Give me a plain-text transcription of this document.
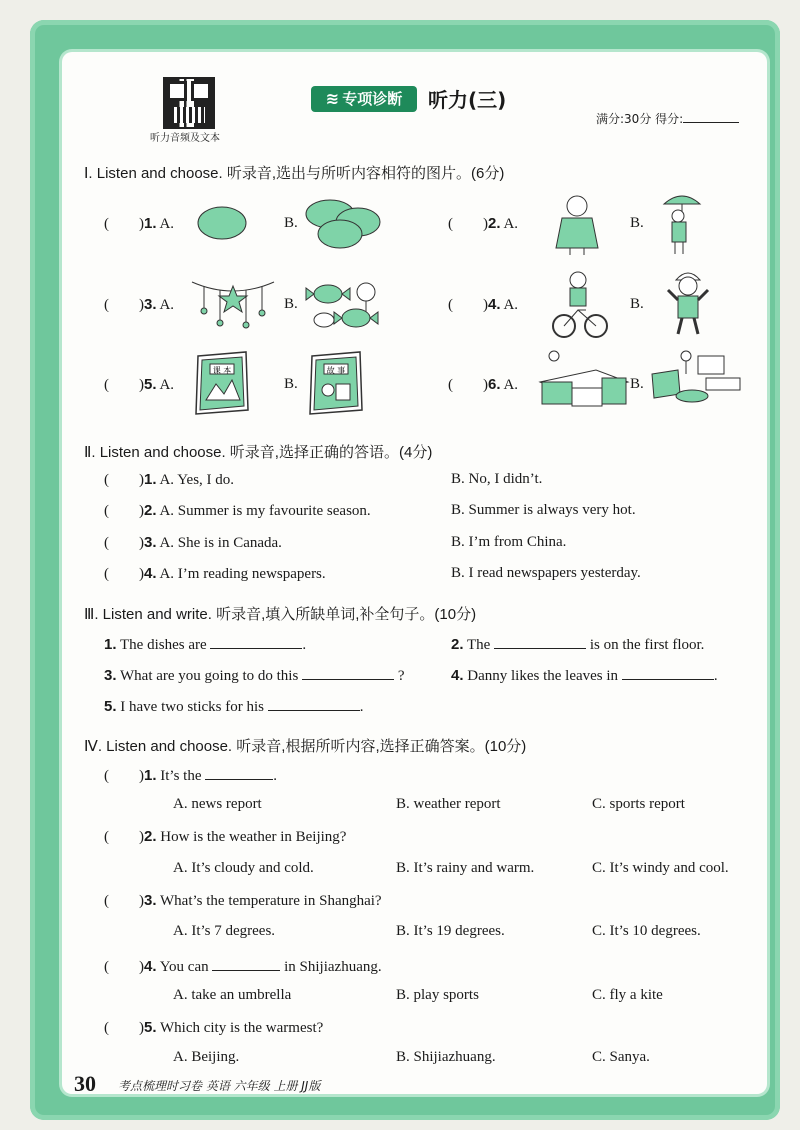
听力音频及文本
≋ 专项诊断	听力(三)
满分:30分 得分:
Ⅰ. Listen and choose. 听录音,选出与所听内容相符的图片。(6分)
(        )1. A.	B.	(        )2. A.	B.
(        )3. A.	B.	(        )4. A.	B.
(        )5. A.
课 本
B.
故 事
(        )6. A.	B.
Ⅱ. Listen and choose. 听录音,选择正确的答语。(4分)
(        )1. A. Yes, I do.	B. No, I didn’t.
(        )2. A. Summer is my favourite season.	B. Summer is always very hot.
(        )3. A. She is in Canada.	B. I’m from China.
(        )4. A. I’m reading newspapers.	B. I read newspapers yesterday.
Ⅲ. Listen and write. 听录音,填入所缺单词,补全句子。(10分)
1. The dishes are	.	2. The	is on the first floor.
3. What are you going to do this	?	4. Danny likes the leaves in	.
5. I have two sticks for his	.
Ⅳ. Listen and choose. 听录音,根据所听内容,选择正确答案。(10分)
(        )1. It’s the	.
A. news report	B. weather report	C. sports report
(        )2. How is the weather in Beijing?
A. It’s cloudy and cold.	B. It’s rainy and warm.	C. It’s windy and cool.
(        )3. What’s the temperature in Shanghai?
A. It’s 7 degrees.	B. It’s 19 degrees.	C. It’s 10 degrees.
(        )4. You can	in Shijiazhuang.
A. take an umbrella	B. play sports	C. fly a kite
(        )5. Which city is the warmest?
A. Beijing.	B. Shijiazhuang.	C. Sanya.
30 考点梳理时习卷 英语 六年级 上册 JJ版
